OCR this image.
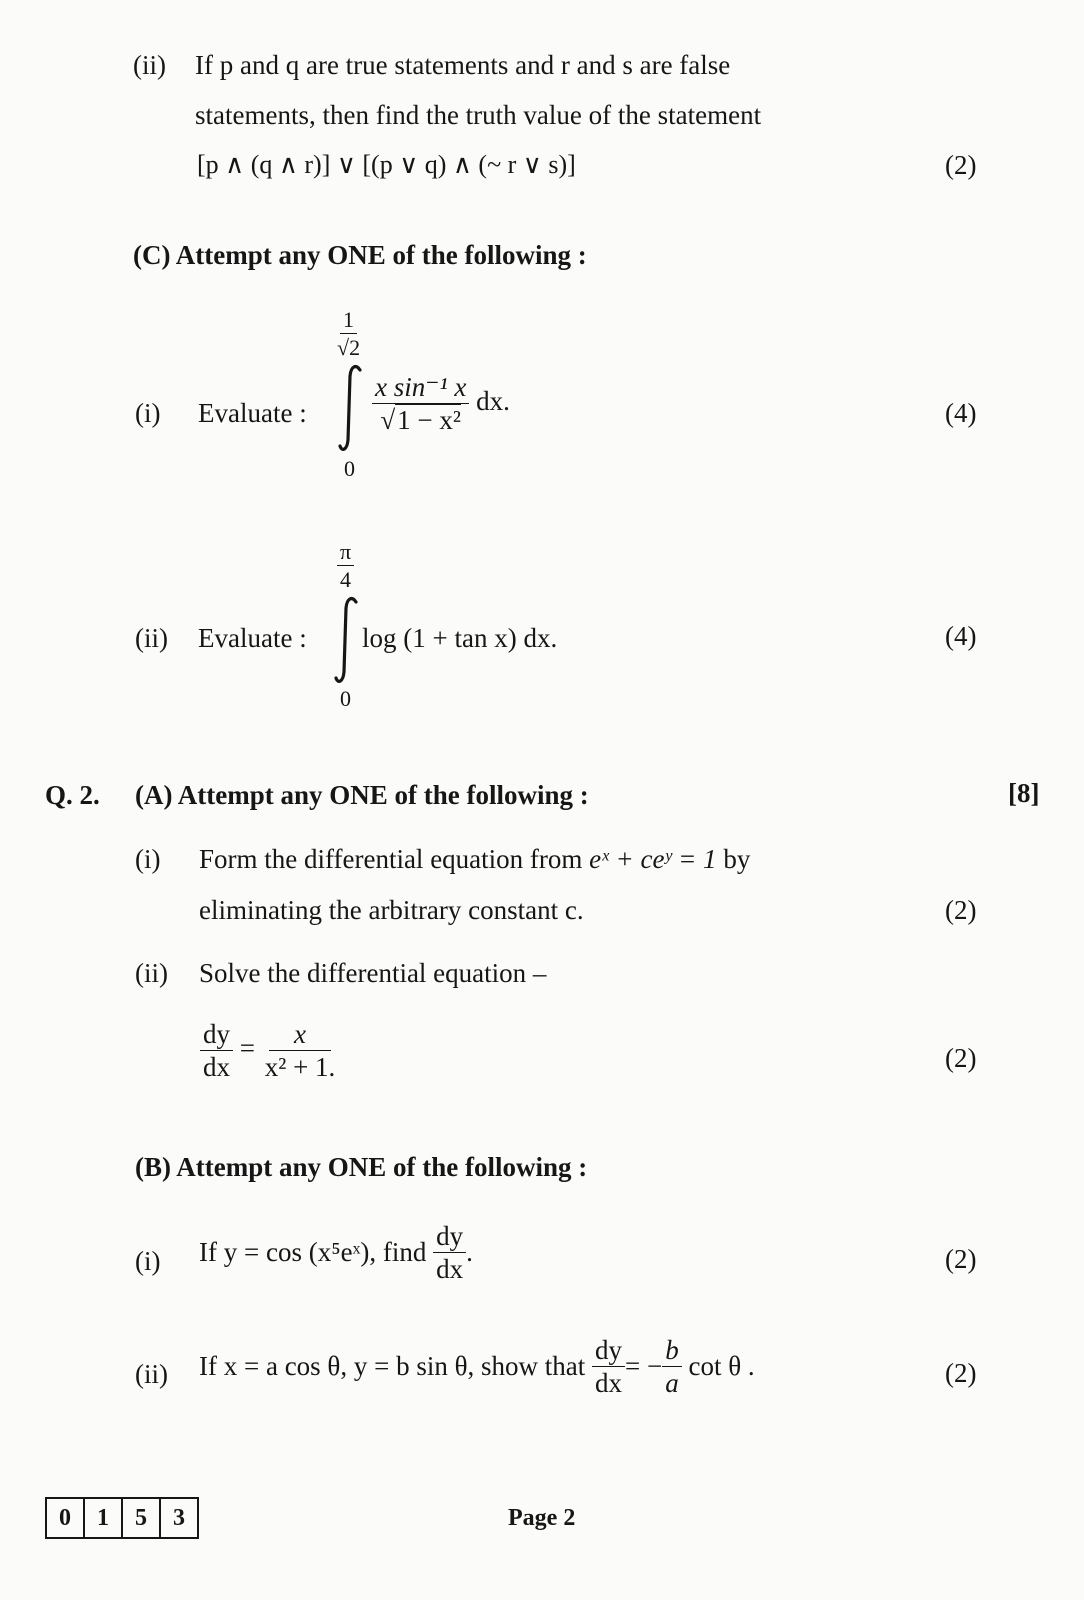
(ii) If p and q are true statements and r and s are false
statements, then find the truth value of the statement
[p ∧ (q ∧ r)] ∨ [(p ∨ q) ∧ (~ r ∨ s)]	(2)
(C) Attempt any ONE of the following :
(i) Evaluate :
$\frac{1}{√2}$
0
$\frac{\text{x sin⁻¹ x}}{\text{√1 − x²}}$ dx.	(4)
(ii) Evaluate :
$\frac{\pi}{4}$
0
log (1 + tan x) dx.	(4)
Q. 2. (A) Attempt any ONE of the following :	[8]
(i) Form the differential equation from eˣ + ceʸ = 1 by
eliminating the arbitrary constant c.	(2)
(ii) Solve the differential equation –
$\frac{dy}{dx} = \frac{x}{\text{x² + 1.}}$	(2)
(B) Attempt any ONE of the following :
(i) If y = cos (x⁵eˣ), find
$\frac{dy}{dx}$ .	(2)
(ii) If x = a cos θ, y = b sin θ, show that
$\frac{dy}{dx}$ = − $\frac{b}{a}$
cot θ .	(2)
0	1	5	3	Page 2
